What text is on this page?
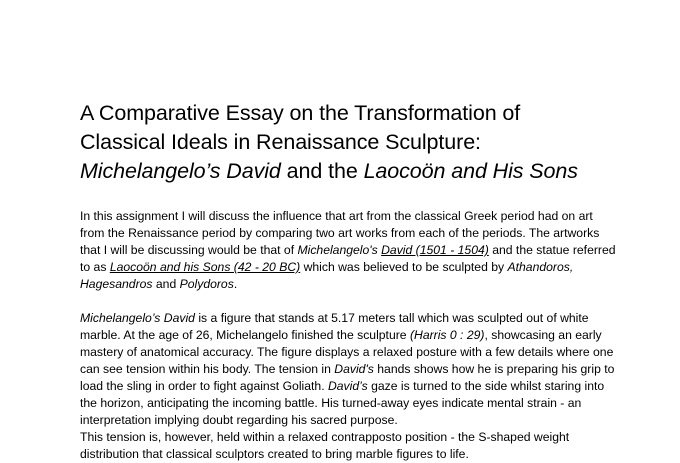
A Comparative Essay on the Transformation of
Classical Ideals in Renaissance Sculpture:
Michelangelo’s David and the Laocoön and His Sons

In this assignment I will discuss the influence that art from the classical Greek period had on art from the Renaissance period by comparing two art works from each of the periods. The artworks that I will be discussing would be that of Michelangelo's David (1501 - 1504) and the statue referred to as Laocoön and his Sons (42 - 20 BC) which was believed to be sculpted by Athandoros, Hagesandros and Polydoros.

Michelangelo’s David is a figure that stands at 5.17 meters tall which was sculpted out of white marble. At the age of 26, Michelangelo finished the sculpture (Harris 0 : 29), showcasing an early mastery of anatomical accuracy. The figure displays a relaxed posture with a few details where one can see tension within his body. The tension in David's hands shows how he is preparing his grip to load the sling in order to fight against Goliath. David’s gaze is turned to the side whilst staring into the horizon, anticipating the incoming battle. His turned-away eyes indicate mental strain - an interpretation implying doubt regarding his sacred purpose.

This tension is, however, held within a relaxed contrapposto position - the S-shaped weight distribution that classical sculptors created to bring marble figures to life.
